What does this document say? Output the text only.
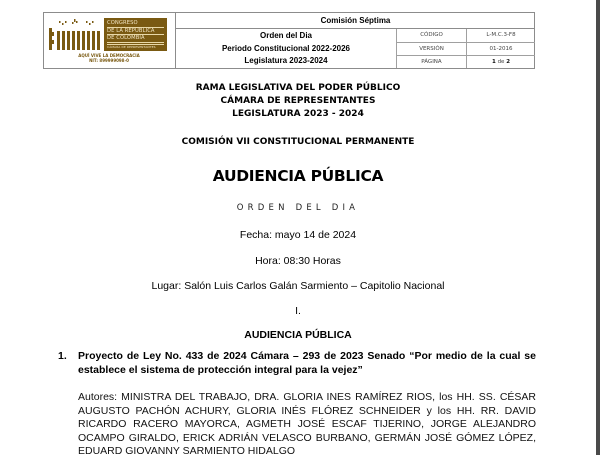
CONGRESO
DE LA REPÚBLICA
DE COLOMBIA
CÁMARA DE REPRESENTANTES
AQUÍ VIVE LA DEMOCRACIA
NIT: 899999098-0
Comisión Séptima
Orden del Dia
Periodo Constitucional 2022-2026
Legislatura 2023-2024
CÓDIGO	L-M.C.3-F8
VERSIÓN	01-2016
PÁGINA	1 de 2
RAMA LEGISLATIVA DEL PODER PÚBLICO
CÁMARA DE REPRESENTANTES
LEGISLATURA 2023 - 2024
COMISIÓN VII CONSTITUCIONAL PERMANENTE
AUDIENCIA PÚBLICA
ORDEN DEL DIA
Fecha: mayo 14 de 2024
Hora: 08:30 Horas
Lugar: Salón Luis Carlos Galán Sarmiento – Capitolio Nacional
I.
AUDIENCIA PÚBLICA
1. Proyecto de Ley No. 433 de 2024 Cámara – 293 de 2023 Senado “Por medio de la cual se establece el sistema de protección integral para la vejez”
Autores: MINISTRA DEL TRABAJO, DRA. GLORIA INES RAMÍREZ RIOS, los HH. SS. CÉSAR AUGUSTO PACHÓN ACHURY, GLORIA INÉS FLÓREZ SCHNEIDER y los HH. RR. DAVID RICARDO RACERO MAYORCA, AGMETH JOSÉ ESCAF TIJERINO, JORGE ALEJANDRO OCAMPO GIRALDO, ERICK ADRIÁN VELASCO BURBANO, GERMÁN JOSÉ GÓMEZ LÓPEZ, EDUARD GIOVANNY SARMIENTO HIDALGO
